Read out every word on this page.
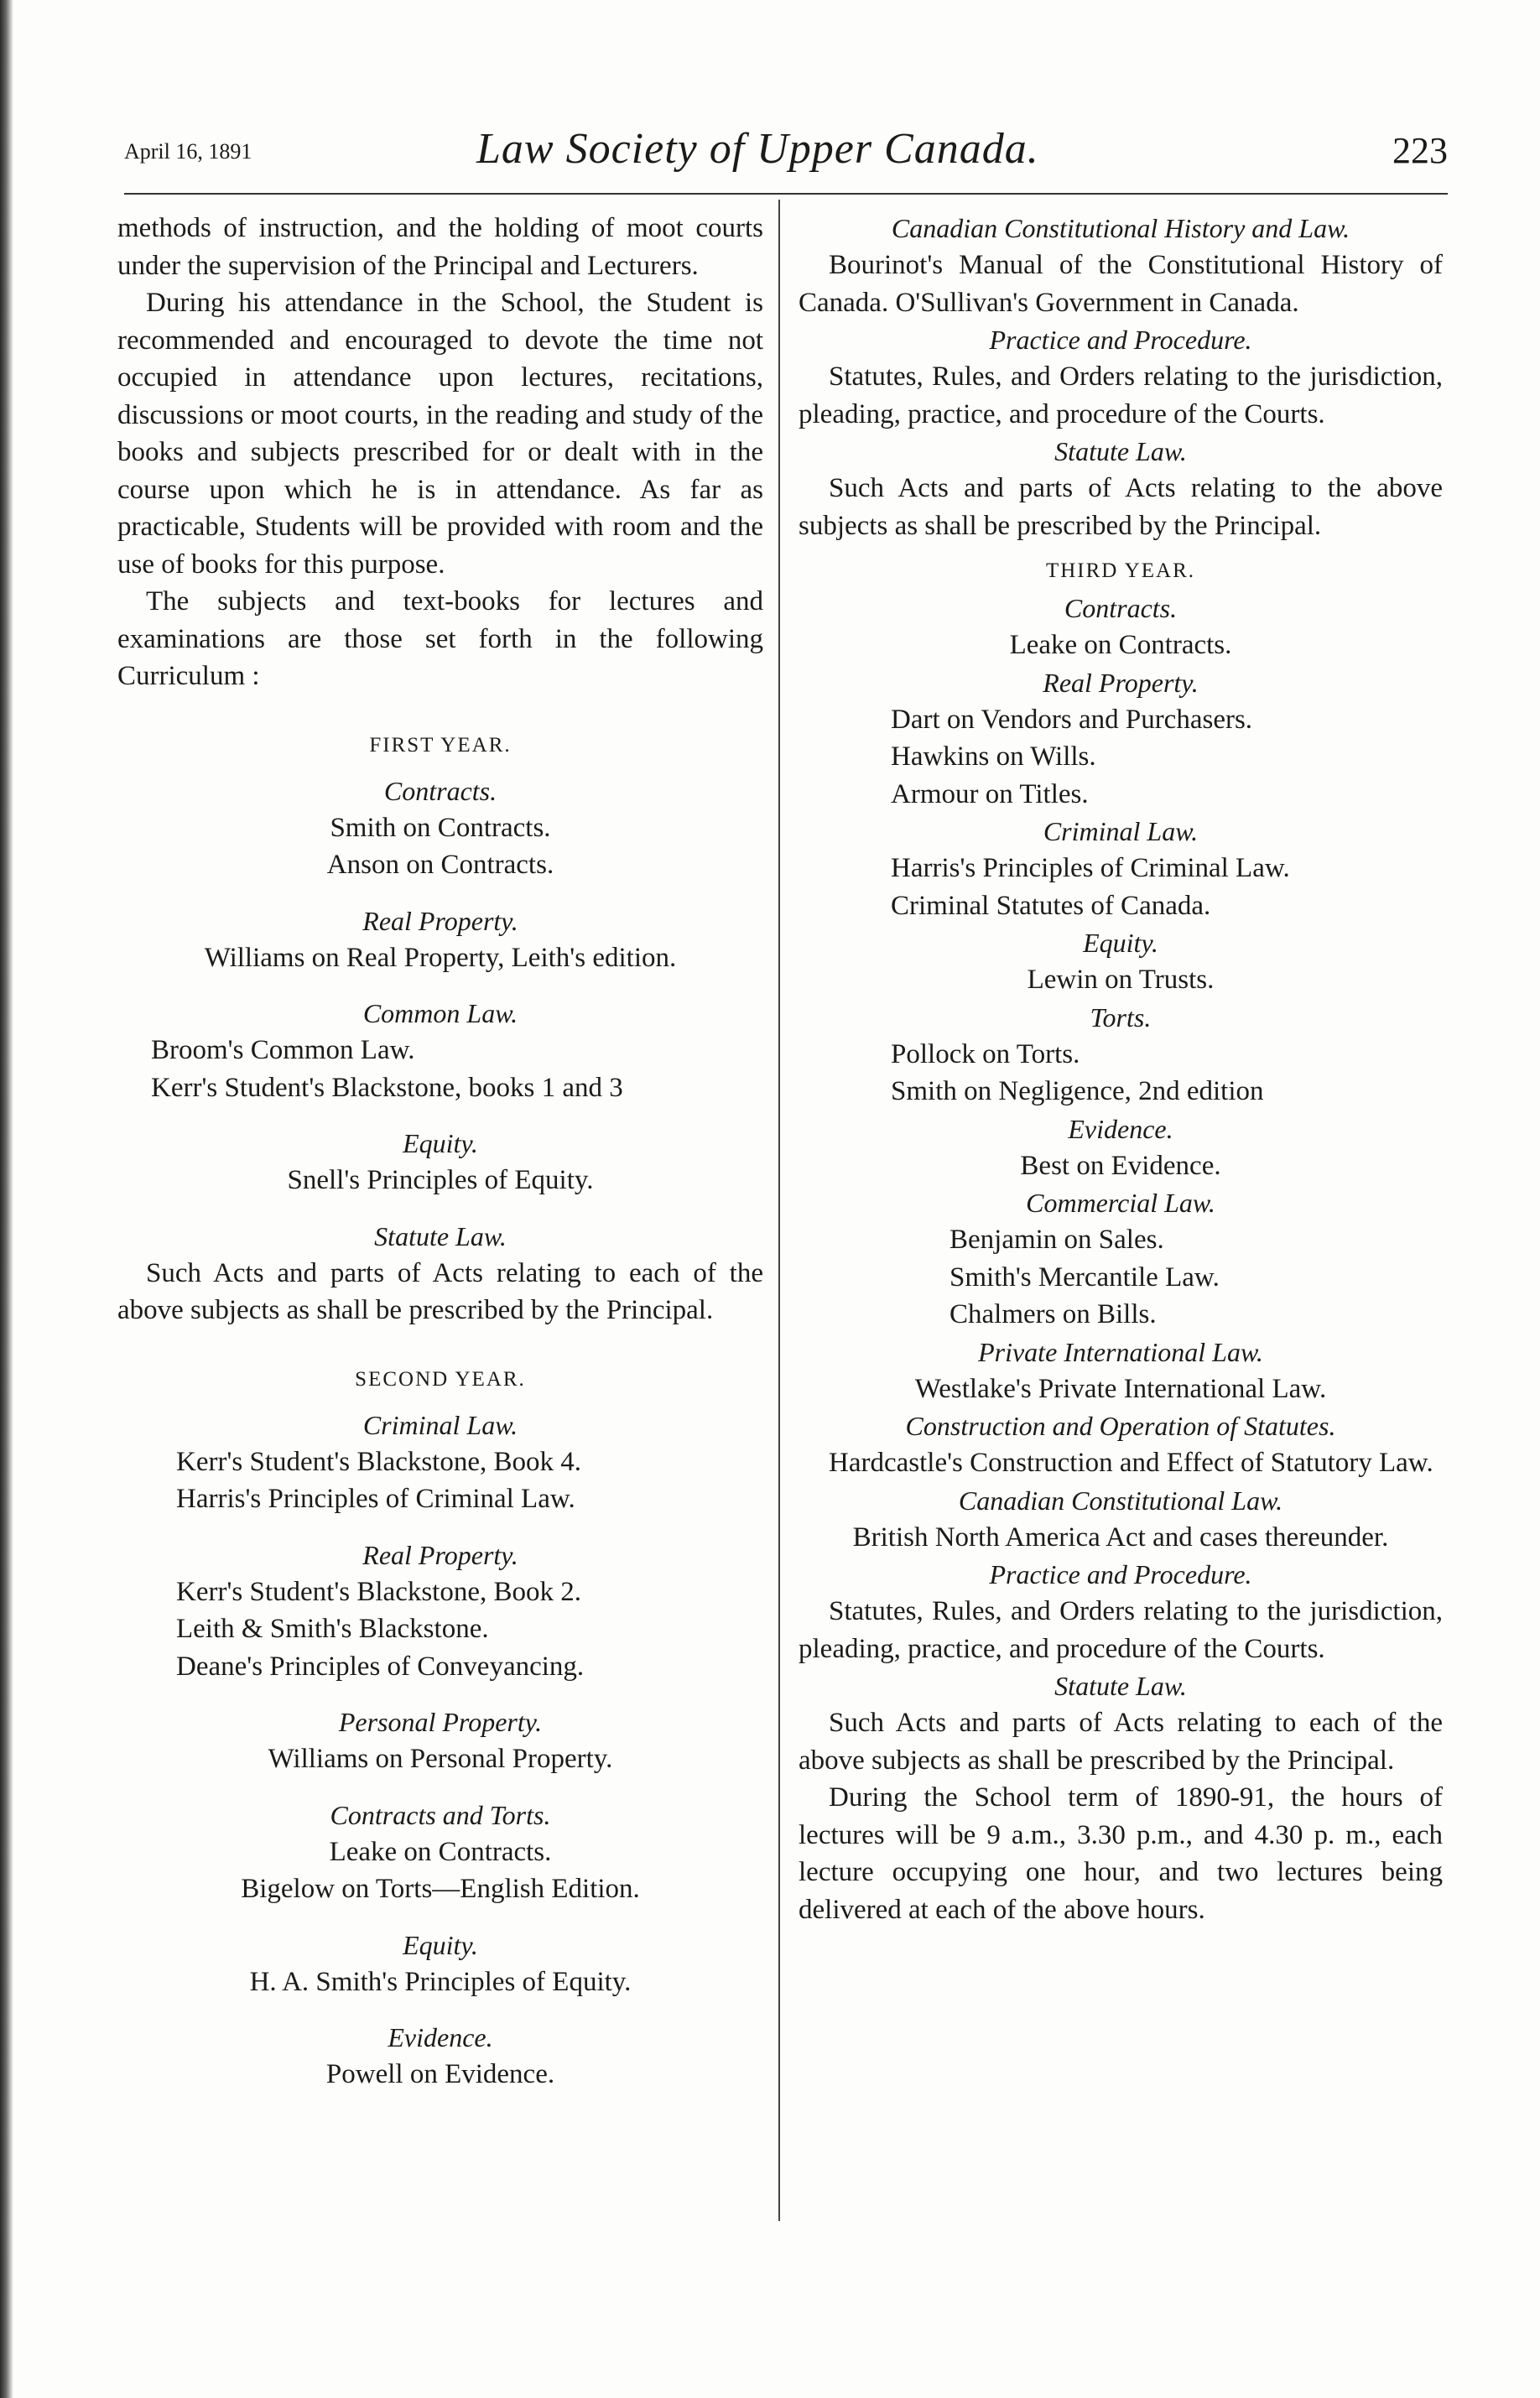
April 16, 1891	Law Society of Upper Canada.	223

methods of instruction, and the holding of moot courts under the supervision of the Principal and Lecturers.

During his attendance in the School, the Student is recommended and encouraged to devote the time not occupied in attendance upon lectures, recitations, discussions or moot courts, in the reading and study of the books and subjects prescribed for or dealt with in the course upon which he is in attendance. As far as practicable, Students will be provided with room and the use of books for this purpose.

The subjects and text-books for lectures and examinations are those set forth in the following Curriculum :

FIRST YEAR.
Contracts.
Smith on Contracts.
Anson on Contracts.
Real Property.
Williams on Real Property, Leith's edition.
Common Law.
Broom's Common Law.
Kerr's Student's Blackstone, books 1 and 3
Equity.
Snell's Principles of Equity.
Statute Law.

Such Acts and parts of Acts relating to each of the above subjects as shall be prescribed by the Principal.

SECOND YEAR.
Criminal Law.
Kerr's Student's Blackstone, Book 4.
Harris's Principles of Criminal Law.
Real Property.
Kerr's Student's Blackstone, Book 2.
Leith & Smith's Blackstone.
Deane's Principles of Conveyancing.
Personal Property.
Williams on Personal Property.
Contracts and Torts.
Leake on Contracts.
Bigelow on Torts—English Edition.
Equity.
H. A. Smith's Principles of Equity.
Evidence.
Powell on Evidence.
Canadian Constitutional History and Law.

Bourinot's Manual of the Constitutional History of Canada. O'Sullivan's Government in Canada.

Practice and Procedure.

Statutes, Rules, and Orders relating to the jurisdiction, pleading, practice, and procedure of the Courts.

Statute Law.

Such Acts and parts of Acts relating to the above subjects as shall be prescribed by the Principal.

THIRD YEAR.
Contracts.
Leake on Contracts.
Real Property.
Dart on Vendors and Purchasers.
Hawkins on Wills.
Armour on Titles.
Criminal Law.
Harris's Principles of Criminal Law.
Criminal Statutes of Canada.
Equity.
Lewin on Trusts.
Torts.
Pollock on Torts.
Smith on Negligence, 2nd edition
Evidence.
Best on Evidence.
Commercial Law.
Benjamin on Sales.
Smith's Mercantile Law.
Chalmers on Bills.
Private International Law.
Westlake's Private International Law.
Construction and Operation of Statutes.

Hardcastle's Construction and Effect of Statutory Law.

Canadian Constitutional Law.
British North America Act and cases thereunder.
Practice and Procedure.

Statutes, Rules, and Orders relating to the jurisdiction, pleading, practice, and procedure of the Courts.

Statute Law.

Such Acts and parts of Acts relating to each of the above subjects as shall be prescribed by the Principal.

During the School term of 1890-91, the hours of lectures will be 9 a.m., 3.30 p.m., and 4.30 p. m., each lecture occupying one hour, and two lectures being delivered at each of the above hours.
